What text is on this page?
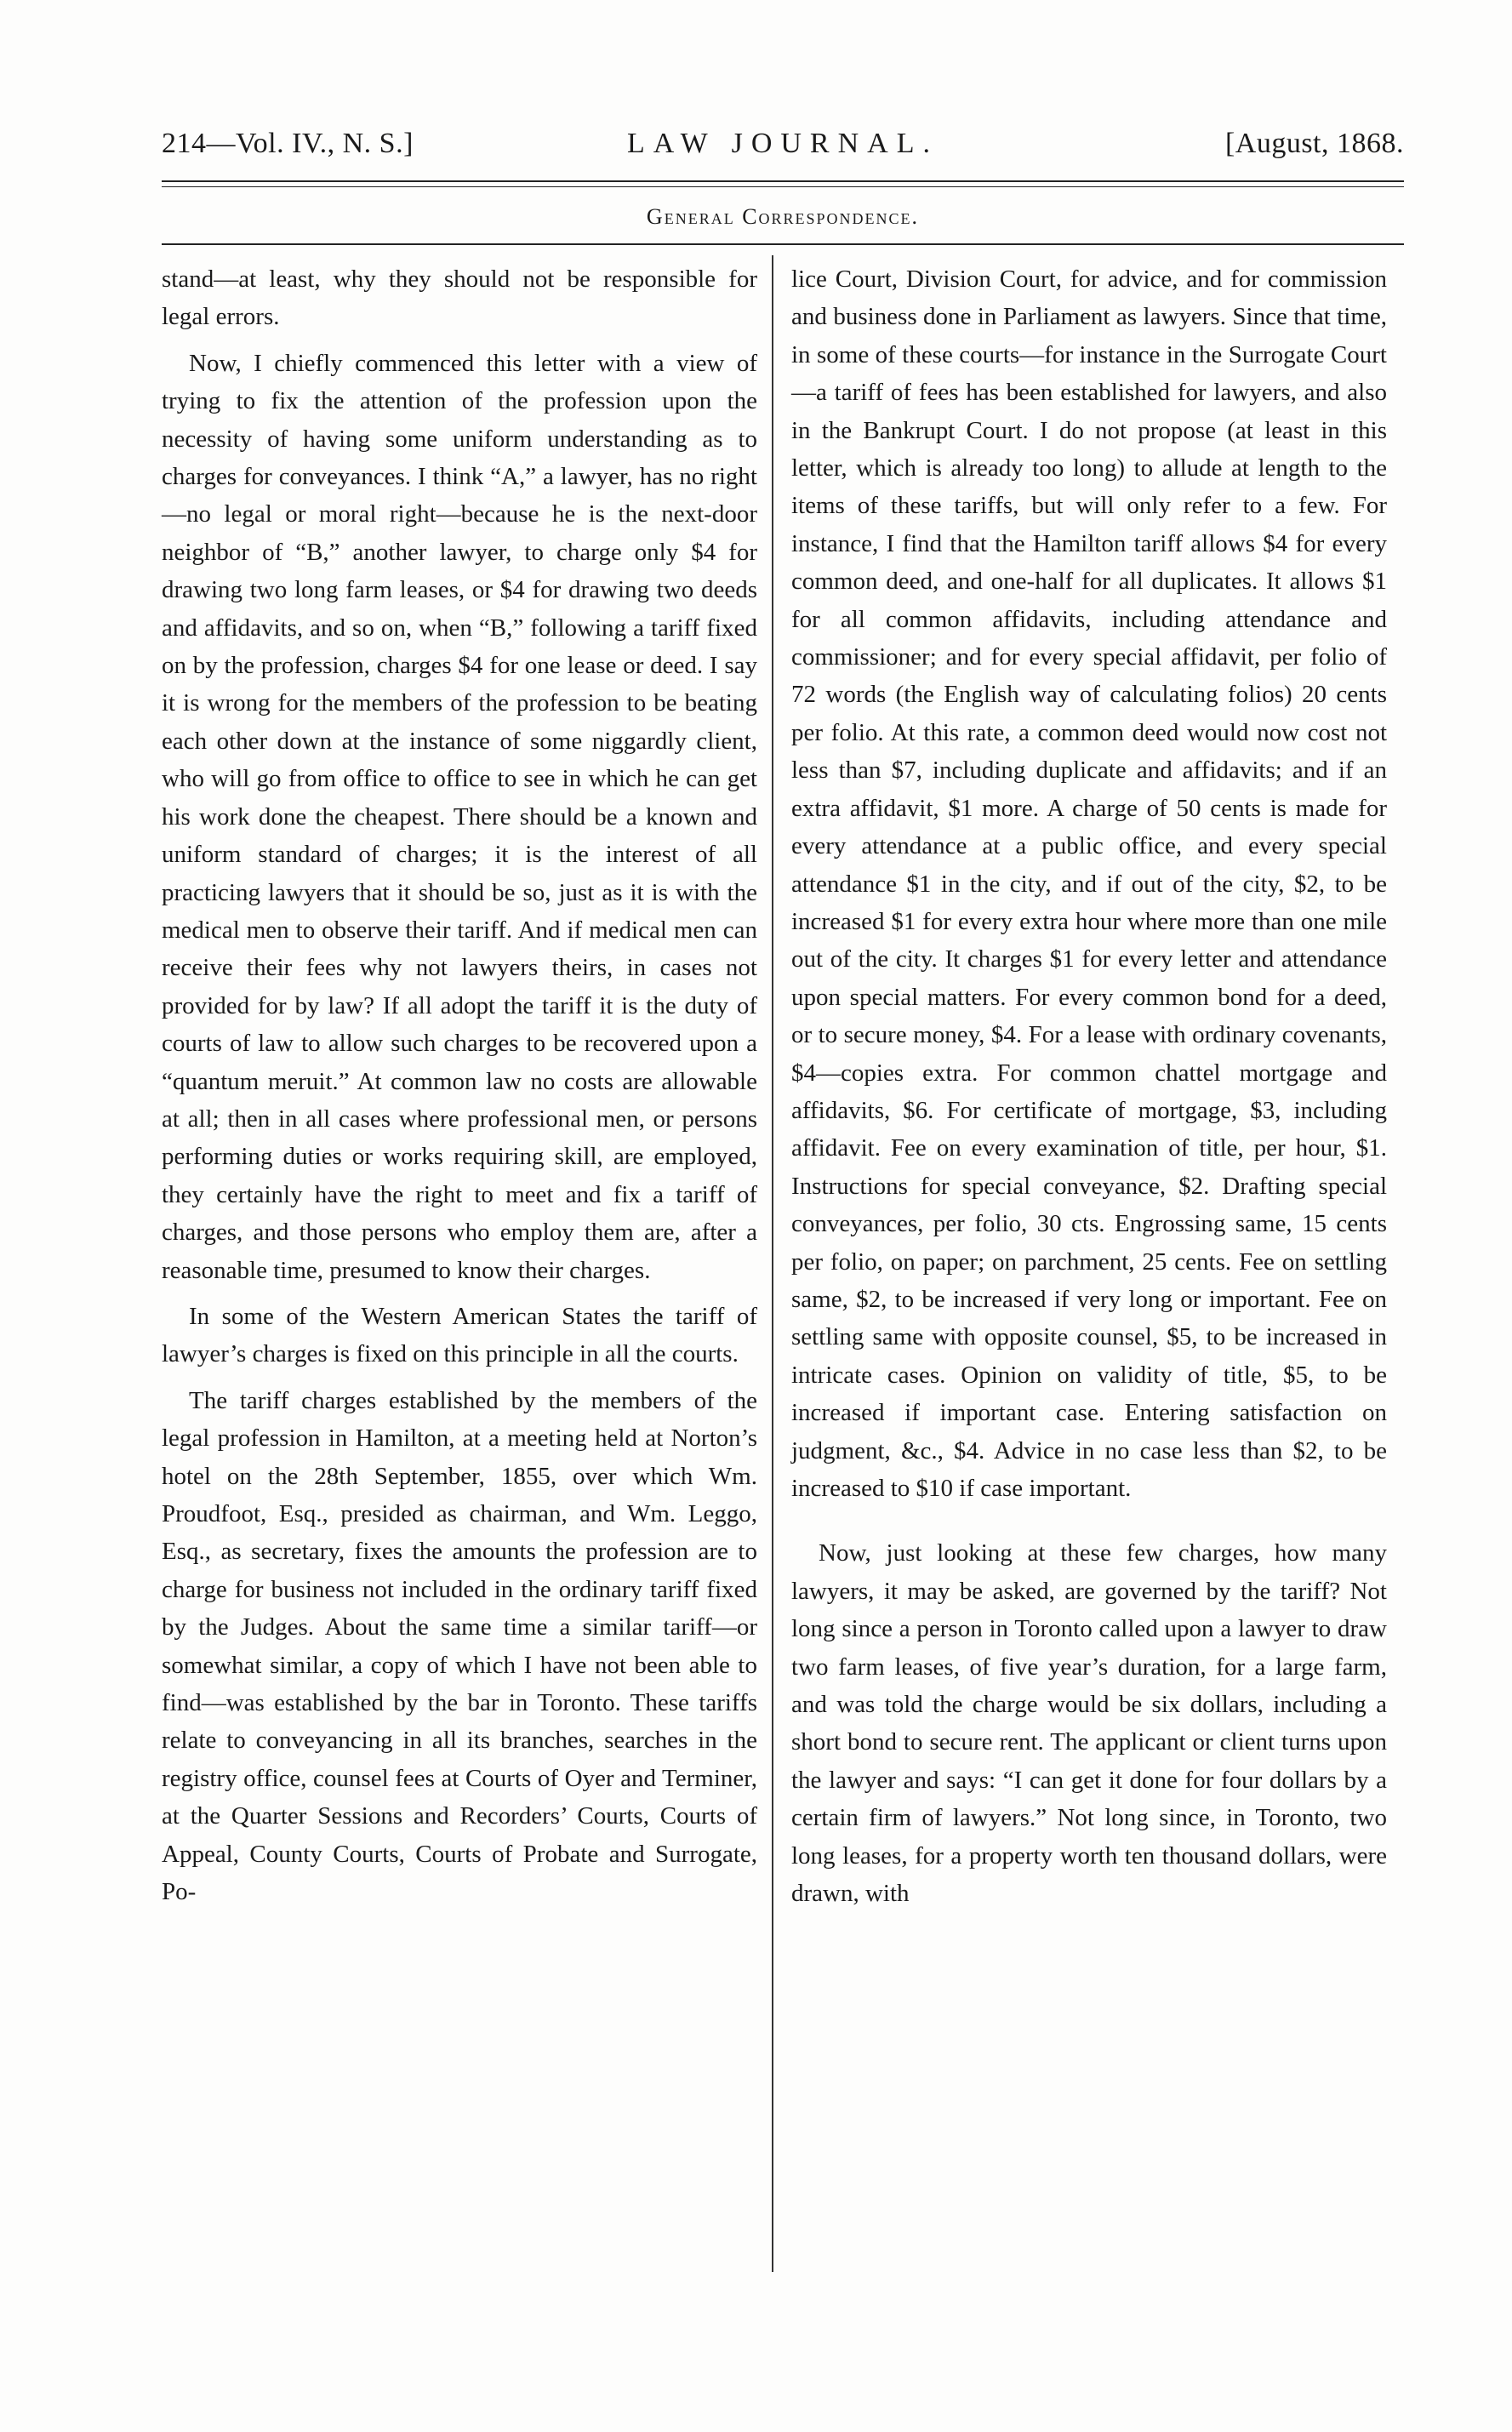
214—Vol. IV., N. S.]	LAW JOURNAL.	[August, 1868.
General Correspondence.

stand—at least, why they should not be responsible for legal errors.

Now, I chiefly commenced this letter with a view of trying to fix the attention of the profession upon the necessity of having some uniform understanding as to charges for conveyances. I think “A,” a lawyer, has no right—no legal or moral right—because he is the next-door neighbor of “B,” another lawyer, to charge only $4 for drawing two long farm leases, or $4 for drawing two deeds and affidavits, and so on, when “B,” following a tariff fixed on by the profession, charges $4 for one lease or deed. I say it is wrong for the members of the profession to be beating each other down at the instance of some niggardly client, who will go from office to office to see in which he can get his work done the cheapest. There should be a known and uniform standard of charges; it is the interest of all practicing lawyers that it should be so, just as it is with the medical men to observe their tariff. And if medical men can receive their fees why not lawyers theirs, in cases not provided for by law? If all adopt the tariff it is the duty of courts of law to allow such charges to be recovered upon a “quantum meruit.” At common law no costs are allowable at all; then in all cases where professional men, or persons performing duties or works requiring skill, are employed, they certainly have the right to meet and fix a tariff of charges, and those persons who employ them are, after a reasonable time, presumed to know their charges.

In some of the Western American States the tariff of lawyer’s charges is fixed on this principle in all the courts.

The tariff charges established by the members of the legal profession in Hamilton, at a meeting held at Norton’s hotel on the 28th September, 1855, over which Wm. Proudfoot, Esq., presided as chairman, and Wm. Leggo, Esq., as secretary, fixes the amounts the profession are to charge for business not included in the ordinary tariff fixed by the Judges. About the same time a similar tariff—or somewhat similar, a copy of which I have not been able to find—was established by the bar in Toronto. These tariffs relate to conveyancing in all its branches, searches in the registry office, counsel fees at Courts of Oyer and Terminer, at the Quarter Sessions and Recorders’ Courts, Courts of Appeal, County Courts, Courts of Probate and Surrogate, Po-

lice Court, Division Court, for advice, and for commission and business done in Parliament as lawyers. Since that time, in some of these courts—for instance in the Surrogate Court—a tariff of fees has been established for lawyers, and also in the Bankrupt Court. I do not propose (at least in this letter, which is already too long) to allude at length to the items of these tariffs, but will only refer to a few. For instance, I find that the Hamilton tariff allows $4 for every common deed, and one-half for all duplicates. It allows $1 for all common affidavits, including attendance and commissioner; and for every special affidavit, per folio of 72 words (the English way of calculating folios) 20 cents per folio. At this rate, a common deed would now cost not less than $7, including duplicate and affidavits; and if an extra affidavit, $1 more. A charge of 50 cents is made for every attendance at a public office, and every special attendance $1 in the city, and if out of the city, $2, to be increased $1 for every extra hour where more than one mile out of the city. It charges $1 for every letter and attendance upon special matters. For every common bond for a deed, or to secure money, $4. For a lease with ordinary covenants, $4—copies extra. For common chattel mortgage and affidavits, $6. For certificate of mortgage, $3, including affidavit. Fee on every examination of title, per hour, $1. Instructions for special conveyance, $2. Drafting special conveyances, per folio, 30 cts. Engrossing same, 15 cents per folio, on paper; on parchment, 25 cents. Fee on settling same, $2, to be increased if very long or important. Fee on settling same with opposite counsel, $5, to be increased in intricate cases. Opinion on validity of title, $5, to be increased if important case. Entering satisfaction on judgment, &c., $4. Advice in no case less than $2, to be increased to $10 if case important.

Now, just looking at these few charges, how many lawyers, it may be asked, are governed by the tariff? Not long since a person in Toronto called upon a lawyer to draw two farm leases, of five year’s duration, for a large farm, and was told the charge would be six dollars, including a short bond to secure rent. The applicant or client turns upon the lawyer and says: “I can get it done for four dollars by a certain firm of lawyers.” Not long since, in Toronto, two long leases, for a property worth ten thousand dollars, were drawn, with
